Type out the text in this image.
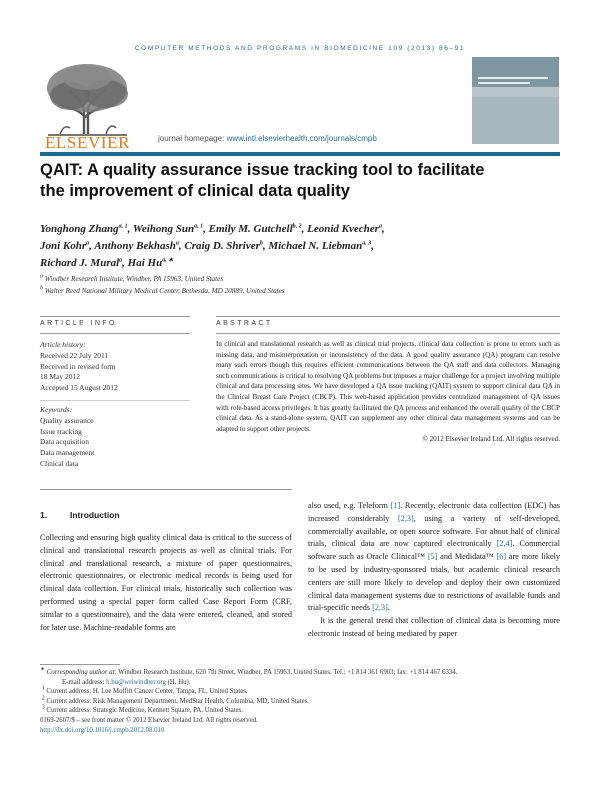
COMPUTER METHODS AND PROGRAMS IN BIOMEDICINE 109 (2013) 86–91
ELSEVIER	journal homepage: www.intl.elsevierhealth.com/journals/cmpb
QAIT: A quality assurance issue tracking tool to facilitate
the improvement of clinical data quality
Yonghong Zhang$^{a, 1}$, Weihong Sun$^{a, 1}$, Emily M. Gutchell$^{b, 2}$, Leonid Kvecher$^a$,
Joni Kohr$^a$, Anthony Bekhash$^a$, Craig D. Shriver$^b$, Michael N. Liebman$^{a, 3}$,
Richard J. Mural$^a$, Hai $Hu^{a, ∗}$
$^a$ Windber Research Institute, Windber, PA 15963, United States
$^b$ Walter Reed National Military Medical Center, Bethesda, MD 20889, United States
ARTICLE INFO	ABSTRACT
Article history:
Received 22 July 2011
Received in revised form
18 May 2012
Accepted 15 August 2012
Keywords:
Quality assurance
Issue tracking
Data acquisition
Data management
Clinical data
In clinical and translational research as well as clinical trial projects, clinical data collection is prone to errors such as missing data, and misinterpretation or inconsistency of the data. A good quality assurance (QA) program can resolve many such errors though this requires efficient communications between the QA staff and data collectors. Managing such communications is critical to resolving QA problems but imposes a major challenge for a project involving multiple clinical and data processing sites. We have developed a QA issue tracking (QAIT) system to support clinical data QA in the Clinical Breast Care Project (CBCP). This web-based application provides centralized management of QA issues with role-based access privileges. It has greatly facilitated the QA process and enhanced the overall quality of the CBCP clinical data. As a stand-alone system, QAIT can supplement any other clinical data management systems and can be adapted to support other projects.
© 2012 Elsevier Ireland Ltd. All rights reserved.
1.	Introduction

Collecting and ensuring high quality clinical data is critical to the success of clinical and translational research projects as well as clinical trials. For clinical and translational research, a mixture of paper questionnaires, electronic questionnaires, or electronic medical records is being used for clinical data collection. For clinical trials, historically such collection was performed using a special paper form called Case Report Form (CRF, similar to a questionnaire), and the data were entered, cleaned, and stored for later use. Machine-readable forms are

also used, e.g. Teleform [1]. Recently, electronic data collection (EDC) has increased considerably [2,3], using a variety of self-developed, commercially available, or open source software. For about half of clinical trials, clinical data are now captured electronically [2,4]. Commercial software such as Oracle Clinical™ [5] and Medidata™ [6] are more likely to be used by industry-sponsored trials, but academic clinical research centers are still more likely to develop and deploy their own customized clinical data management systems due to restrictions of available funds and trial-specific needs [2,3].

It is the general trend that collection of clinical data is becoming more electronic instead of being mediated by paper

∗ Corresponding author at: Windber Research Institute, 620 7th Street, Windber, PA 15963, United States. Tel.: +1 814 361 6903; fax: +1 814 467 6334.
E-mail address: h.hu@wriwindber.org (H. Hu).
1 Current address: H. Lee Moffitt Cancer Center, Tampa, FL, United States.
2 Current address: Risk Management Department, MedStar Health, Columbia, MD, United States.
3 Current address: Strategic Medicine, Kennett Square, PA, United States.
0169-2607/$ – see front matter © 2012 Elsevier Ireland Ltd. All rights reserved.
http://dx.doi.org/10.1016/j.cmpb.2012.08.010
